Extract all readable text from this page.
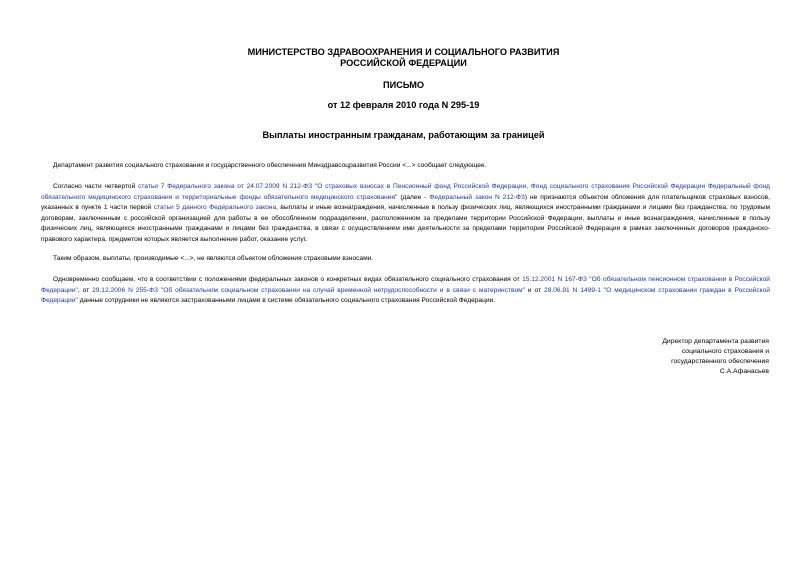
МИНИСТЕРСТВО ЗДРАВООХРАНЕНИЯ И СОЦИАЛЬНОГО РАЗВИТИЯ
РОССИЙСКОЙ ФЕДЕРАЦИИ
ПИСЬМО
от 12 февраля 2010 года N 295-19
Выплаты иностранным гражданам, работающим за границей
Департамент развития социального страхования и государственного обеспечения Минздравсоцразвития России <...> сообщает следующее.
Согласно части четвертой статьи 7 Федерального закона от 24.07.2009 N 212-ФЗ "О страховых взносах в Пенсионный фонд Российской Федерации, Фонд социального страхования Российской Федерации Федеральный фонд обязательного медицинского страхования и территориальные фонды обязательного медицинского страхования" (далее - Федеральный закон N 212-ФЗ) не признаются объектом обложения для плательщиков страховых взносов, указанных в пункте 1 части первой статьи 5 данного Федерального закона, выплаты и иные вознаграждения, начисленные в пользу физических лиц, являющихся иностранными гражданами и лицами без гражданства, по трудовым договорам, заключенным с российской организацией для работы в ее обособленном подразделении, расположенном за пределами территории Российской Федерации, выплаты и иные вознаграждения, начисленные в пользу физических лиц, являющихся иностранными гражданами и лицами без гражданства, в связи с осуществлением ими деятельности за пределами территории Российской Федерации в рамках заключенных договоров гражданско-правового характера, предметом которых является выполнение работ, оказание услуг.
Таким образом, выплаты, производимые <...>, не являются объектом обложения страховыми взносами.
Одновременно сообщаем, что в соответствии с положениями федеральных законов о конкретных видах обязательного социального страхования от 15.12.2001 N 167-ФЗ "Об обязательном пенсионном страховании в Российской Федерации", от 29.12.2006 N 255-ФЗ "Об обязательном социальном страховании на случай временной нетрудоспособности и в связи с материнством" и от 28.06.91 N 1499-1 "О медицинском страховании граждан в Российской Федерации" данные сотрудники не являются застрахованными лицами в системе обязательного социального страхования Российской Федерации.
Директор департамента развития
социального страхования и
государственного обеспечения
С.А.Афанасьев
